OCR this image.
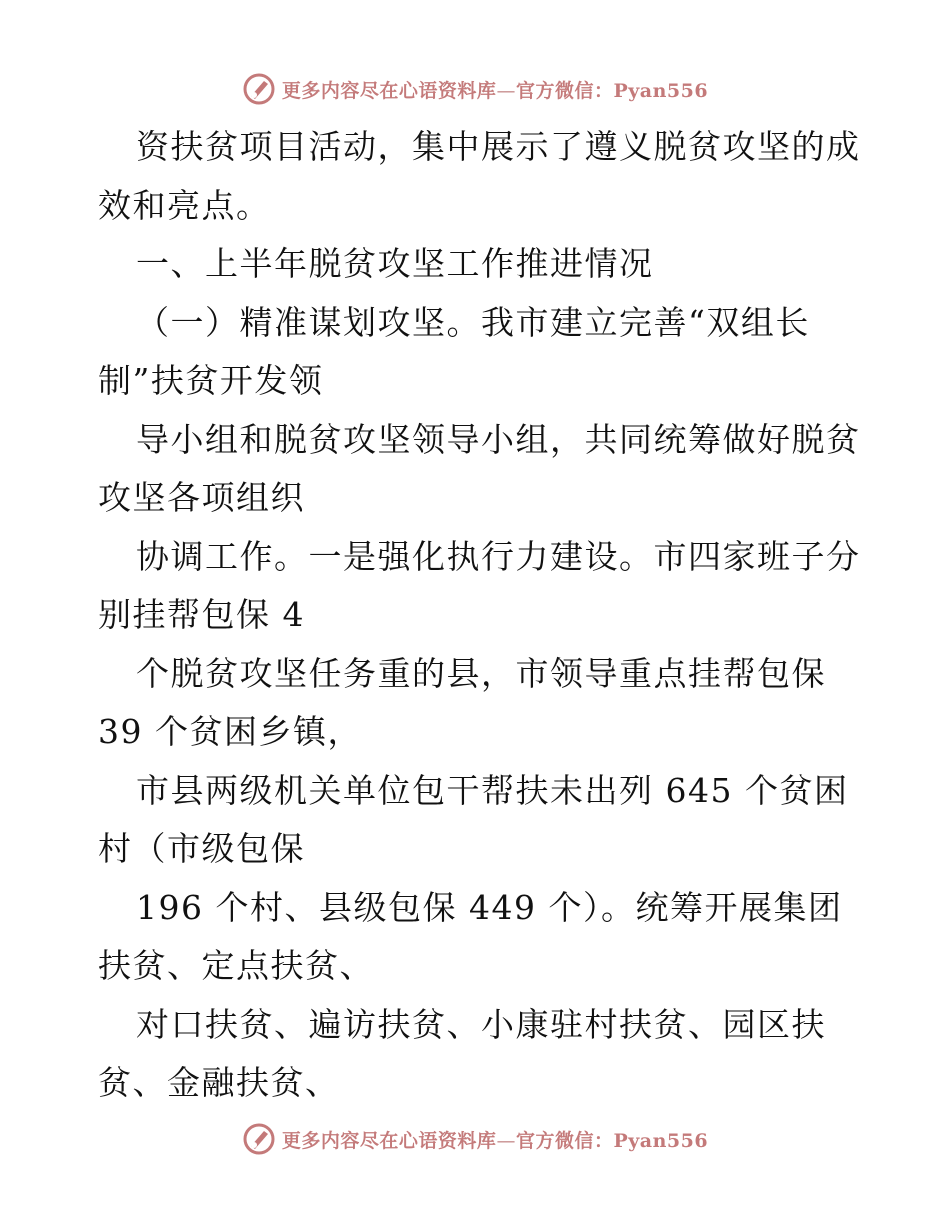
更多内容尽在心语资料库—官方微信：Pyan556
资扶贫项目活动，集中展示了遵义脱贫攻坚的成
效和亮点。
一、上半年脱贫攻坚工作推进情况
（一）精准谋划攻坚。我市建立完善“双组长
制”扶贫开发领
导小组和脱贫攻坚领导小组，共同统筹做好脱贫
攻坚各项组织
协调工作。一是强化执行力建设。市四家班子分
别挂帮包保 4
个脱贫攻坚任务重的县，市领导重点挂帮包保
39 个贫困乡镇，
市县两级机关单位包干帮扶未出列 645 个贫困
村（市级包保
196 个村、县级包保 449 个）。统筹开展集团
扶贫、定点扶贫、
对口扶贫、遍访扶贫、小康驻村扶贫、园区扶
贫、金融扶贫、
更多内容尽在心语资料库—官方微信：Pyan556
